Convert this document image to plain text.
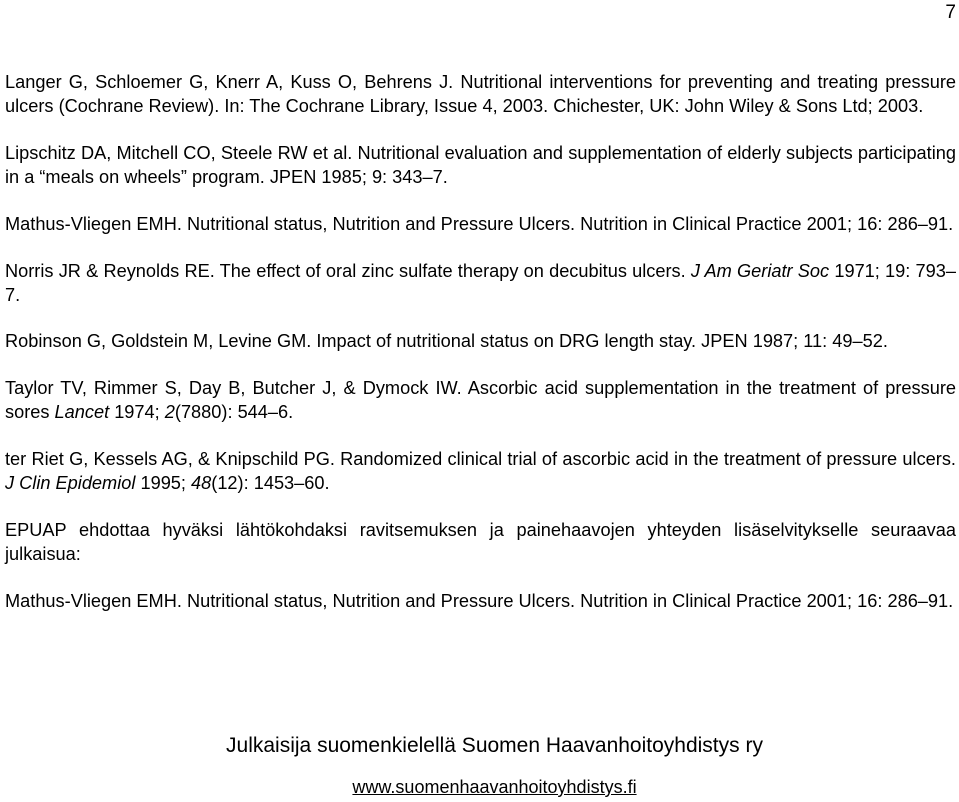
7

Langer G, Schloemer G, Knerr A, Kuss O, Behrens J. Nutritional interventions for preventing and treating pressure ulcers (Cochrane Review). In: The Cochrane Library, Issue 4, 2003. Chichester, UK: John Wiley & Sons Ltd; 2003.

Lipschitz DA, Mitchell CO, Steele RW et al. Nutritional evaluation and supplementation of elderly subjects participating in a “meals on wheels” program. JPEN 1985; 9: 343–7.

Mathus-Vliegen EMH. Nutritional status, Nutrition and Pressure Ulcers. Nutrition in Clinical Practice 2001; 16: 286–91.

Norris JR & Reynolds RE. The effect of oral zinc sulfate therapy on decubitus ulcers. J Am Geriatr Soc 1971; 19: 793–7.

Robinson G, Goldstein M, Levine GM. Impact of nutritional status on DRG length stay. JPEN 1987; 11: 49–52.

Taylor TV, Rimmer S, Day B, Butcher J, & Dymock IW. Ascorbic acid supplementation in the treatment of pressure sores Lancet 1974; 2(7880): 544–6.

ter Riet G, Kessels AG, & Knipschild PG. Randomized clinical trial of ascorbic acid in the treatment of pressure ulcers. J Clin Epidemiol 1995; 48(12): 1453–60.

EPUAP ehdottaa hyväksi lähtökohdaksi ravitsemuksen ja painehaavojen yhteyden lisäselvitykselle seuraavaa julkaisua:

Mathus-Vliegen EMH. Nutritional status, Nutrition and Pressure Ulcers. Nutrition in Clinical Practice 2001; 16: 286–91.

Julkaisija suomenkielellä Suomen Haavanhoitoyhdistys ry
www.suomenhaavanhoitoyhdistys.fi
